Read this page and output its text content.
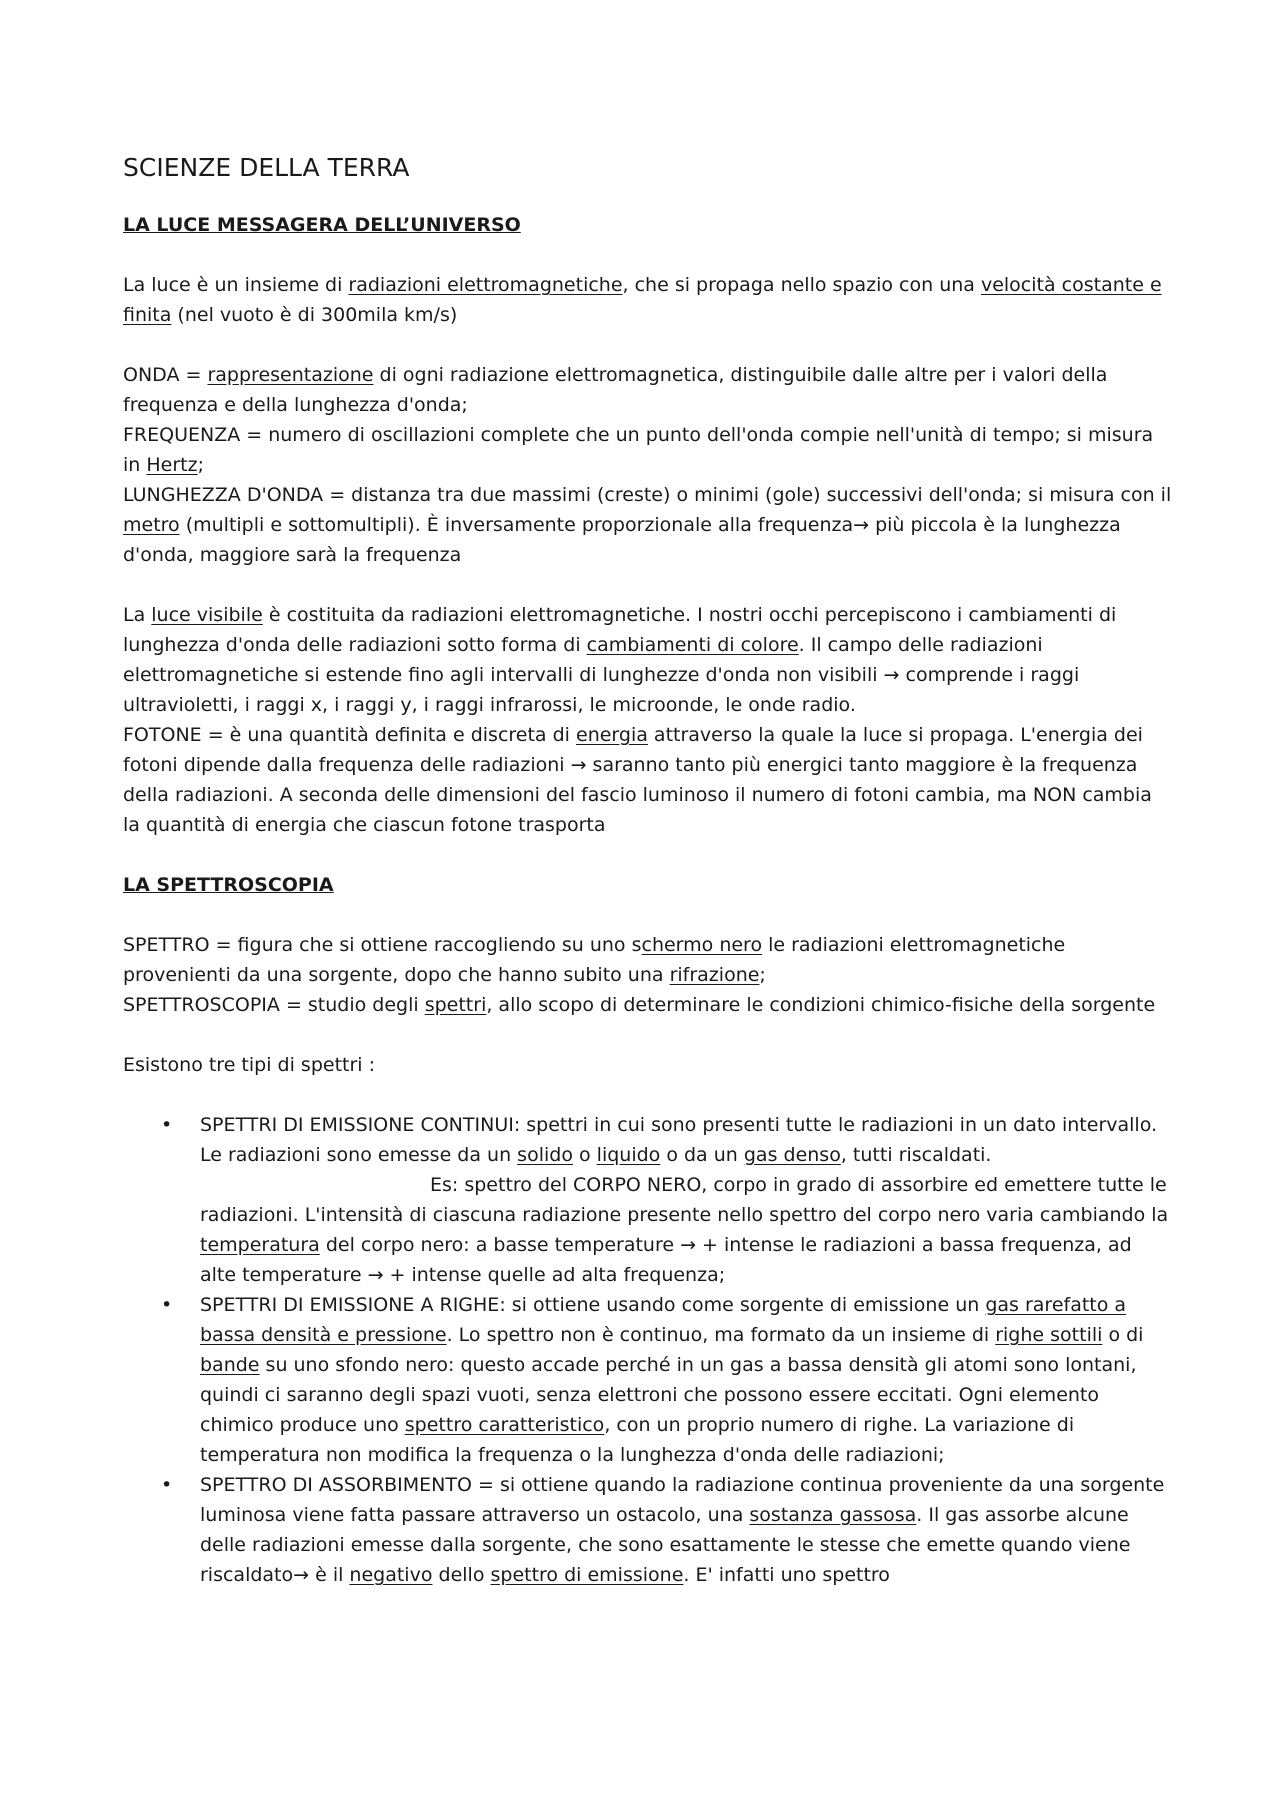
SCIENZE DELLA TERRA
LA LUCE MESSAGERA DELL’UNIVERSO
La luce è un insieme di radiazioni elettromagnetiche, che si propaga nello spazio con una velocità costante e finita (nel vuoto è di 300mila km/s)
ONDA = rappresentazione di ogni radiazione elettromagnetica, distinguibile dalle altre per i valori della frequenza e della lunghezza d'onda;
FREQUENZA = numero di oscillazioni complete che un punto dell'onda compie nell'unità di tempo; si misura in Hertz;
LUNGHEZZA D'ONDA = distanza tra due massimi (creste) o minimi (gole) successivi dell'onda; si misura con il metro (multipli e sottomultipli). È inversamente proporzionale alla frequenza→ più piccola è la lunghezza d'onda, maggiore sarà la frequenza
La luce visibile è costituita da radiazioni elettromagnetiche. I nostri occhi percepiscono i cambiamenti di lunghezza d'onda delle radiazioni sotto forma di cambiamenti di colore. Il campo delle radiazioni elettromagnetiche si estende fino agli intervalli di lunghezze d'onda non visibili → comprende i raggi ultravioletti, i raggi x, i raggi y, i raggi infrarossi, le microonde, le onde radio.
FOTONE = è una quantità definita e discreta di energia attraverso la quale la luce si propaga. L'energia dei fotoni dipende dalla frequenza delle radiazioni → saranno tanto più energici tanto maggiore è la frequenza della radiazioni. A seconda delle dimensioni del fascio luminoso il numero di fotoni cambia, ma NON cambia la quantità di energia che ciascun fotone trasporta
LA SPETTROSCOPIA
SPETTRO = figura che si ottiene raccogliendo su uno schermo nero le radiazioni elettromagnetiche provenienti da una sorgente, dopo che hanno subito una rifrazione;
SPETTROSCOPIA = studio degli spettri, allo scopo di determinare le condizioni chimico-fisiche della sorgente
Esistono tre tipi di spettri :
• SPETTRI DI EMISSIONE CONTINUI: spettri in cui sono presenti tutte le radiazioni in un dato intervallo. Le radiazioni sono emesse da un solido o liquido o da un gas denso, tutti riscaldati.Es: spettro del CORPO NERO, corpo in grado di assorbire ed emettere tutte le radiazioni. L'intensità di ciascuna radiazione presente nello spettro del corpo nero varia cambiando la temperatura del corpo nero: a basse temperature → + intense le radiazioni a bassa frequenza, ad alte temperature → + intense quelle ad alta frequenza;
• SPETTRI DI EMISSIONE A RIGHE: si ottiene usando come sorgente di emissione un gas rarefatto a bassa densità e pressione. Lo spettro non è continuo, ma formato da un insieme di righe sottili o di bande su uno sfondo nero: questo accade perché in un gas a bassa densità gli atomi sono lontani, quindi ci saranno degli spazi vuoti, senza elettroni che possono essere eccitati. Ogni elemento chimico produce uno spettro caratteristico, con un proprio numero di righe. La variazione di temperatura non modifica la frequenza o la lunghezza d'onda delle radiazioni;
• SPETTRO DI ASSORBIMENTO = si ottiene quando la radiazione continua proveniente da una sorgente luminosa viene fatta passare attraverso un ostacolo, una sostanza gassosa. Il gas assorbe alcune delle radiazioni emesse dalla sorgente, che sono esattamente le stesse che emette quando viene riscaldato→ è il negativo dello spettro di emissione. E' infatti uno spettro
